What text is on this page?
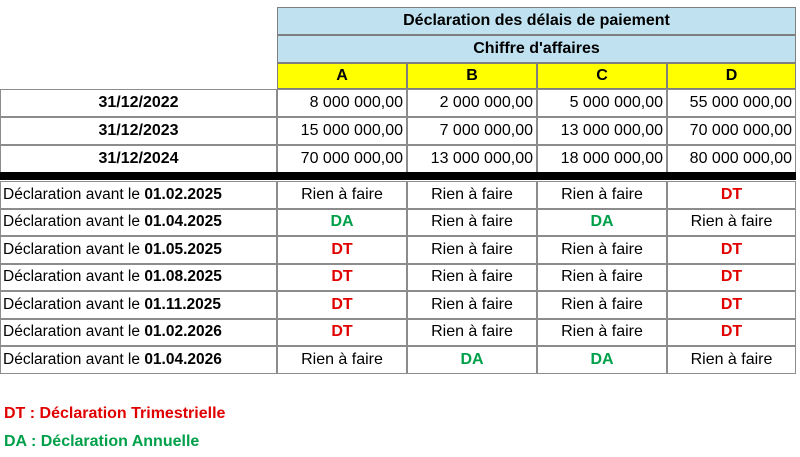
Déclaration des délais de paiement
Chiffre d'affaires
A	B	C	D
31/12/2022	8 000 000,00	2 000 000,00	5 000 000,00	55 000 000,00
31/12/2023	15 000 000,00	7 000 000,00	13 000 000,00	70 000 000,00
31/12/2024	70 000 000,00	13 000 000,00	18 000 000,00	80 000 000,00
Déclaration avant le 01.02.2025	Rien à faire	Rien à faire	Rien à faire	DT
Déclaration avant le 01.04.2025	DA	Rien à faire	DA	Rien à faire
Déclaration avant le 01.05.2025	DT	Rien à faire	Rien à faire	DT
Déclaration avant le 01.08.2025	DT	Rien à faire	Rien à faire	DT
Déclaration avant le 01.11.2025	DT	Rien à faire	Rien à faire	DT
Déclaration avant le 01.02.2026	DT	Rien à faire	Rien à faire	DT
Déclaration avant le 01.04.2026	Rien à faire	DA	DA	Rien à faire
DT : Déclaration Trimestrielle
DA : Déclaration Annuelle
